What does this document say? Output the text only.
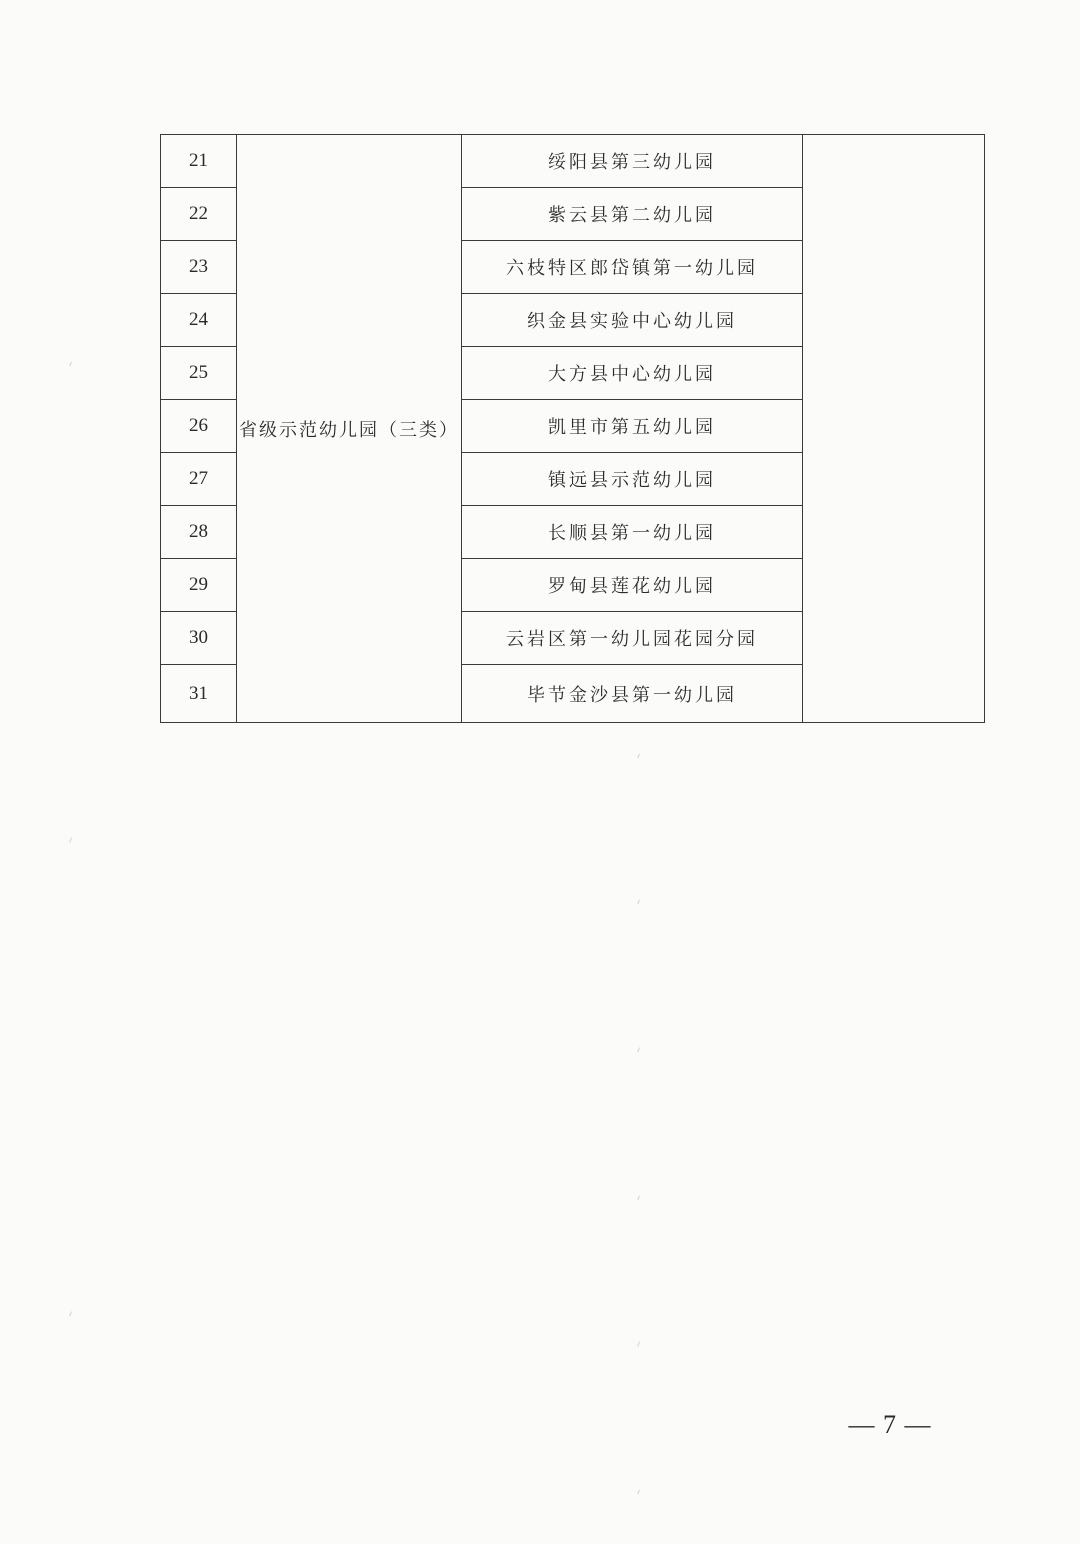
21	省级示范幼儿园（三类）	绥阳县第三幼儿园	
22		紫云县第二幼儿园	
23		六枝特区郎岱镇第一幼儿园	
24		织金县实验中心幼儿园	
25		大方县中心幼儿园	
26		凯里市第五幼儿园	
27		镇远县示范幼儿园	
28		长顺县第一幼儿园	
29		罗甸县莲花幼儿园	
30		云岩区第一幼儿园花园分园	
31		毕节金沙县第一幼儿园	
— 7 —
